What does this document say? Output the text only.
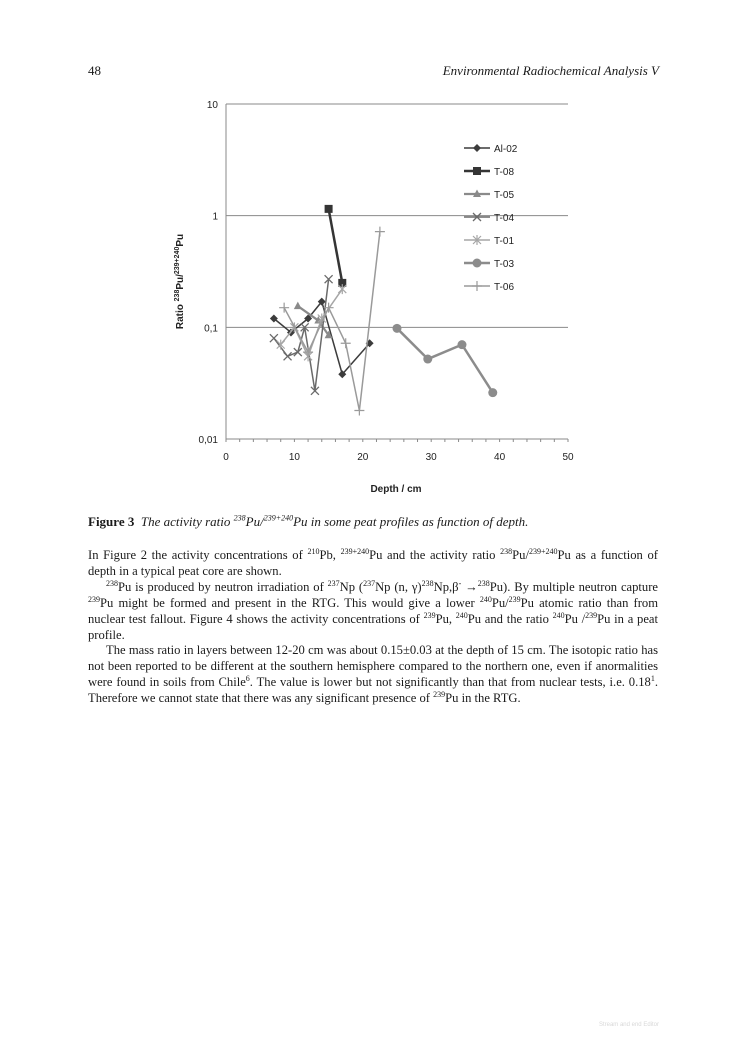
48	Environmental Radiochemical Analysis V
0,01
0,1
1
10
0	10	20	30	40	50
Depth / cm
Ratio $^{238}$Pu/$^{239+240}$Pu
Al-02
T-08
T-05
T-04
T-01
T-03
T-06
Figure 3 The activity ratio $^{238}$Pu/$^{239+240}$Pu in some peat profiles as function of depth.

In Figure 2 the activity concentrations of $^{210}$Pb, $^{239+240}$Pu and the activity ratio $^{238}$Pu/$^{239+240}$Pu as a function of depth in a typical peat core are shown.

$^{238}$Pu is produced by neutron irradiation of $^{237}$Np ($^{237}$Np (n, γ)$^{238}$Np,β- →$^{238}$Pu). By multiple neutron capture $^{239}$Pu might be formed and present in the RTG. This would give a lower $^{240}$Pu/$^{239}$Pu atomic ratio than from nuclear test fallout. Figure 4 shows the activity concentrations of $^{239}$Pu, $^{240}$Pu and the ratio $^{240}$Pu /$^{239}$Pu in a peat profile.

The mass ratio in layers between 12-20 cm was about 0.15±0.03 at the depth of 15 cm. The isotopic ratio has not been reported to be different at the southern hemisphere compared to the northern one, even if anormalities were found in soils from Chile$^6$. The value is lower but not significantly than that from nuclear tests, i.e. 0.18$^1$. Therefore we cannot state that there was any significant presence of $^{239}$Pu in the RTG.

Stream and end Editor
